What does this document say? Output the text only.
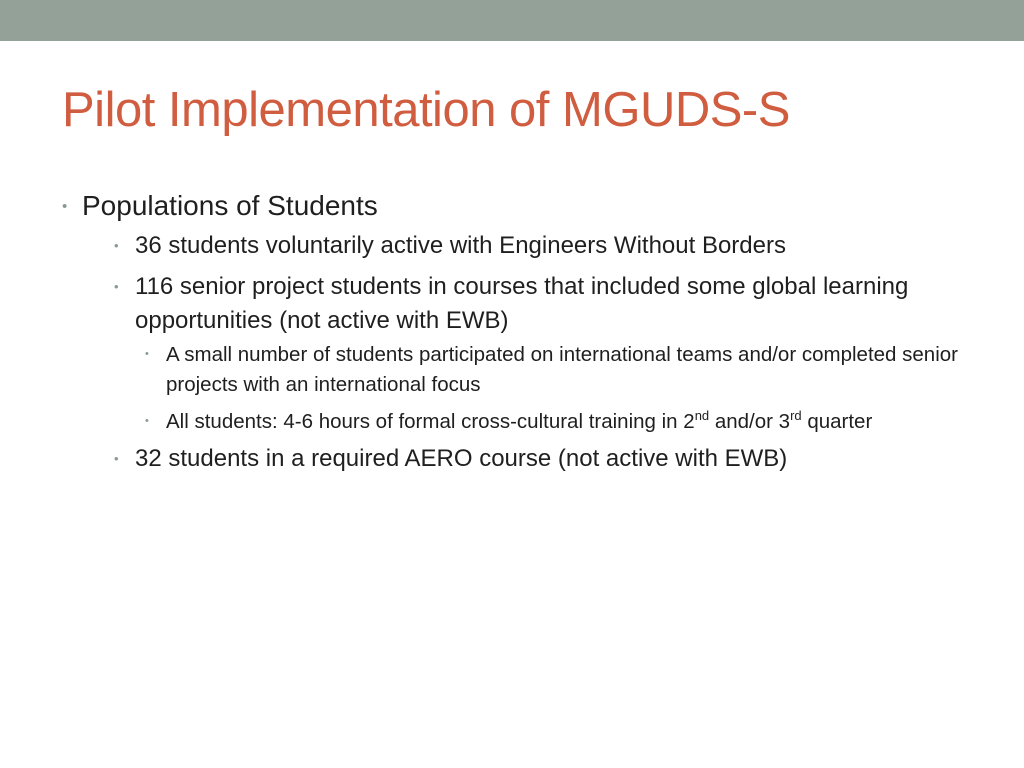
Pilot Implementation of MGUDS-S
• Populations of Students
• 36 students voluntarily active with Engineers Without Borders
• 116 senior project students in courses that included some global learning opportunities (not active with EWB)
• A small number of students participated on international teams and/or completed senior projects with an international focus
• All students: 4-6 hours of formal cross-cultural training in 2nd and/or 3rd quarter
• 32 students in a required AERO course (not active with EWB)
